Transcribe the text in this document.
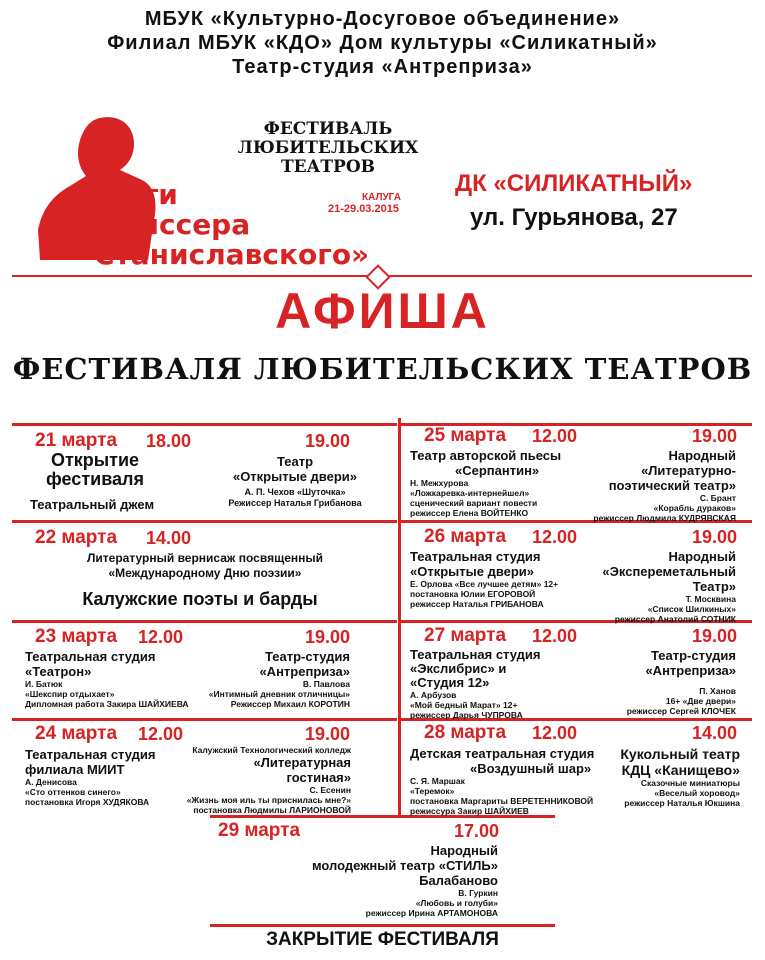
МБУК «Культурно-Досуговое объединение»
Филиал МБУК «КДО» Дом культуры «Силикатный»
Театр-студия «Антреприза»
ФЕСТИВАЛЬ
ЛЮБИТЕЛЬСКИХ
ТЕАТРОВ
КАЛУГА
21-29.03.2015
«Дети
Режиссера
Станиславского»
ДК «СИЛИКАТНЫЙ»
ул. Гурьянова, 27
АФИША
ФЕСТИВАЛЯ ЛЮБИТЕЛЬСКИХ ТЕАТРОВ
21 марта 18.00	19.00
Открытие
фестиваля
Театральный джем
Театр
«Открытые двери»
А. П. Чехов «Шуточка»
Режиссер Наталья Грибанова
22 марта 14.00
Литературный вернисаж посвященный
«Международному Дню поэзии»
Калужские поэты и барды
23 марта 12.00	19.00
Театральная студия
«Театрон»
И. Батюк
«Шекспир отдыхает»
Дипломная работа Закира ШАЙХИЕВА
Театр-студия
«Антреприза»
В. Павлова
«Интимный дневник отличницы»
Режиссер Михаил КОРОТИН
24 марта 12.00	19.00
Театральная студия
филиала МИИТ
А. Денисова
«Сто оттенков синего»
постановка Игоря ХУДЯКОВА
Калужский Технологический колледж
«Литературная
гостиная»
С. Есенин
«Жизнь моя иль ты приснилась мне?»
постановка Людмилы ЛАРИОНОВОЙ
25 марта 12.00	19.00
Театр авторской пьесы
«Серпантин»
Н. Межхурова
«Ложкаревка-интернейшел»
сценический вариант повести
режиссер Елена ВОЙТЕНКО
Народный
«Литературно-
поэтический театр»
С. Брант
«Корабль дураков»
режиссер Людмила КУДРЯВСКАЯ
26 марта 12.00	19.00
Театральная студия
«Открытые двери»
Е. Орлова «Все лучшее детям» 12+
постановка Юлии ЕГОРОВОЙ
режиссер Наталья ГРИБАНОВА
Народный
«Экспереметальный
Театр»
Т. Москвина
«Список Шилкиных»
режиссер Анатолий СОТНИК
27 марта 12.00	19.00
Театральная студия
«Экслибрис» и
«Студия 12»
А. Арбузов
«Мой бедный Марат» 12+
режиссер Дарья ЧУПРОВА
Театр-студия
«Антреприза»
П. Ханов
16+ «Две двери»
режиссер Сергей КЛОЧЕК
28 марта 12.00	14.00
Детская театральная студия
«Воздушный шар»
С. Я. Маршак
«Теремок»
постановка Маргариты ВЕРЕТЕННИКОВОЙ
режиссура Закир ШАЙХИЕВ
Кукольный театр
КДЦ «Канищево»
Сказочные миниатюры
«Веселый хоровод»
режиссер Наталья Юкшина
29 марта	17.00
Народный
молодежный театр «СТИЛЬ»
Балабаново
В. Гуркин
«Любовь и голуби»
режиссер Ирина АРТАМОНОВА
ЗАКРЫТИЕ ФЕСТИВАЛЯ
